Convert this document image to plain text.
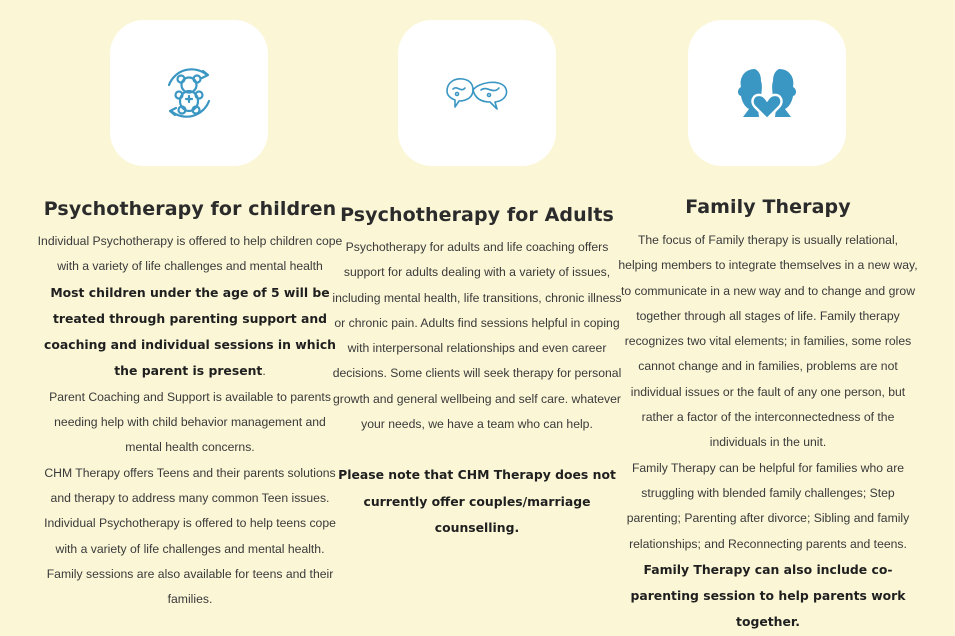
Psychotherapy for children

Individual Psychotherapy is offered to help children cope with a variety of life challenges and mental health

Most children under the age of 5 will be treated through parenting support and coaching and individual sessions in which the parent is present.

Parent Coaching and Support is available to parents needing help with child behavior management and mental health concerns.

CHM Therapy offers Teens and their parents solutions and therapy to address many common Teen issues.

Individual Psychotherapy is offered to help teens cope with a variety of life challenges and mental health.

Family sessions are also available for teens and their families.

Psychotherapy for Adults

Psychotherapy for adults and life coaching offers support for adults dealing with a variety of issues, including mental health, life transitions, chronic illness or chronic pain. Adults find sessions helpful in coping with interpersonal relationships and even career decisions. Some clients will seek therapy for personal growth and general wellbeing and self care. whatever your needs, we have a team who can help.

Please note that CHM Therapy does not currently offer couples/marriage counselling.

Family Therapy

The focus of Family therapy is usually relational, helping members to integrate themselves in a new way, to communicate in a new way and to change and grow together through all stages of life. Family therapy recognizes two vital elements; in families, some roles cannot change and in families, problems are not individual issues or the fault of any one person, but rather a factor of the interconnectedness of the individuals in the unit.

Family Therapy can be helpful for families who are struggling with blended family challenges; Step parenting; Parenting after divorce; Sibling and family relationships; and Reconnecting parents and teens.

Family Therapy can also include co-parenting session to help parents work together.
